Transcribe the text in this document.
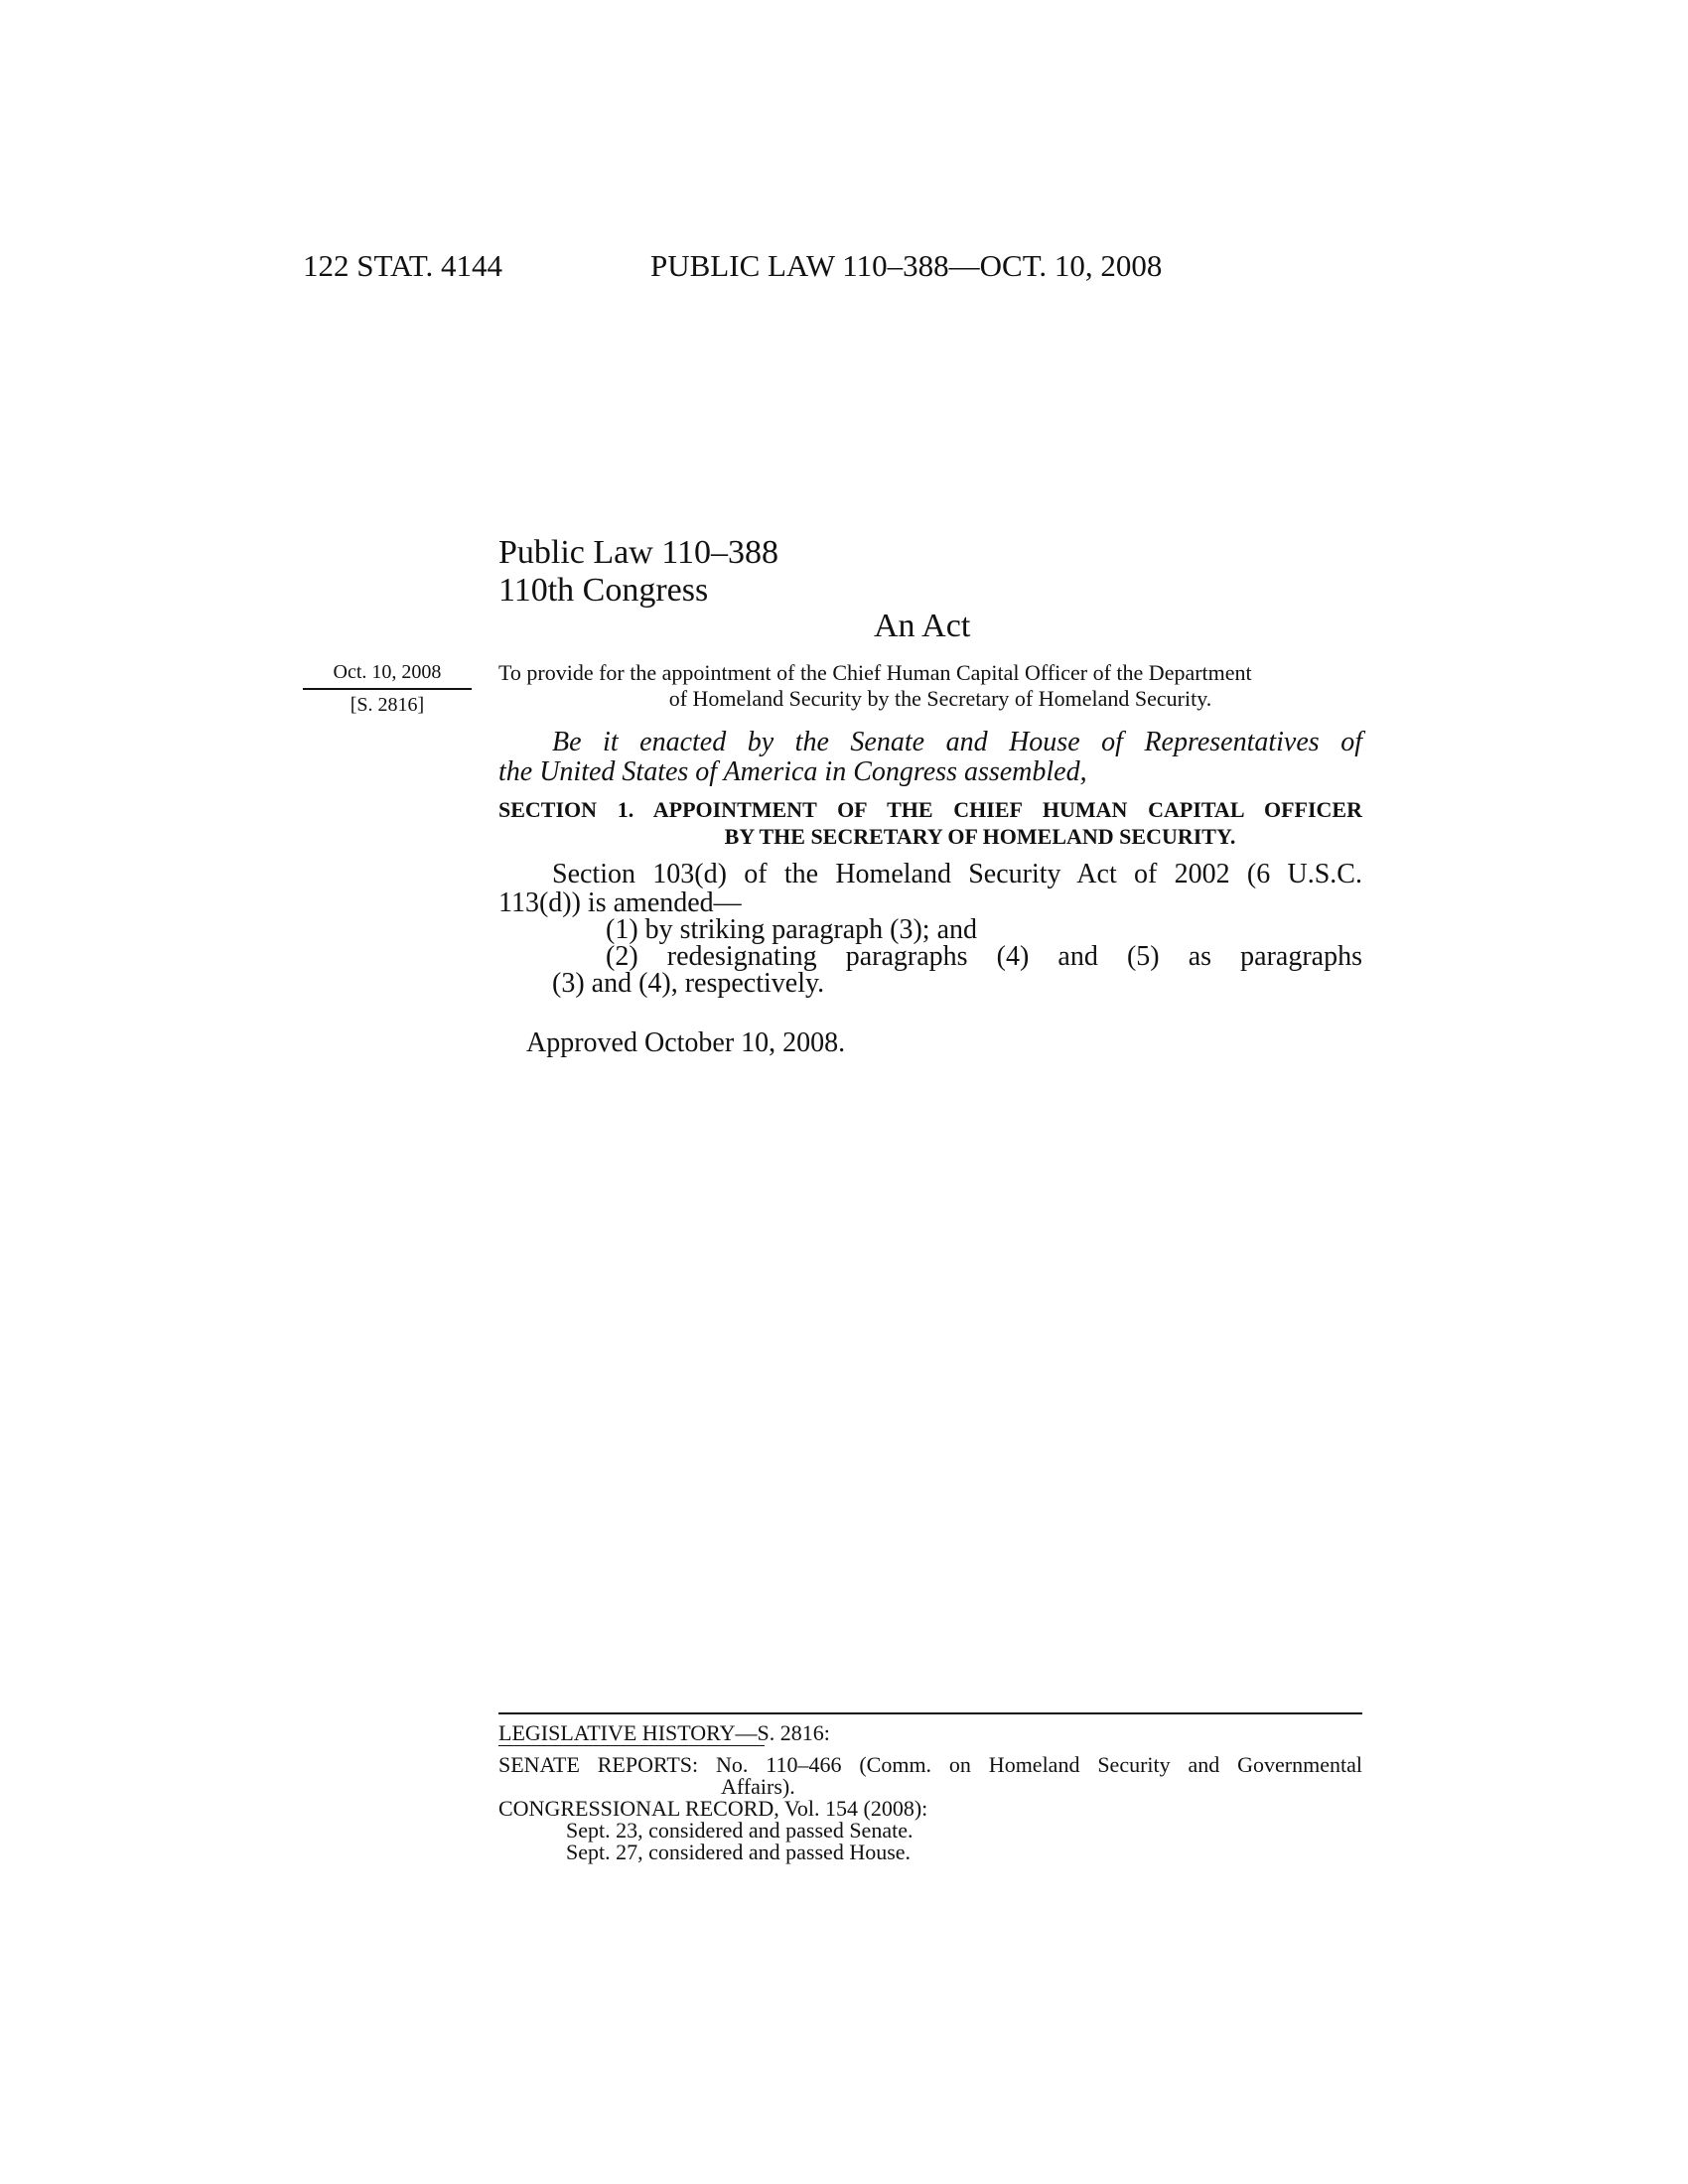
122 STAT. 4144	PUBLIC LAW 110–388—OCT. 10, 2008
Public Law 110–388
110th Congress
An Act
Oct. 10, 2008
[S. 2816]
To provide for the appointment of the Chief Human Capital Officer of the Department
of Homeland Security by the Secretary of Homeland Security.
Be it enacted by the Senate and House of Representatives of
the United States of America in Congress assembled,
SECTION 1. APPOINTMENT OF THE CHIEF HUMAN CAPITAL OFFICER
BY THE SECRETARY OF HOMELAND SECURITY.
Section 103(d) of the Homeland Security Act of 2002 (6 U.S.C.
113(d)) is amended—
(1) by striking paragraph (3); and
(2) redesignating paragraphs (4) and (5) as paragraphs
(3) and (4), respectively.
Approved October 10, 2008.
LEGISLATIVE HISTORY—S. 2816:
SENATE REPORTS: No. 110–466 (Comm. on Homeland Security and Governmental
Affairs).
CONGRESSIONAL RECORD, Vol. 154 (2008):
Sept. 23, considered and passed Senate.
Sept. 27, considered and passed House.
